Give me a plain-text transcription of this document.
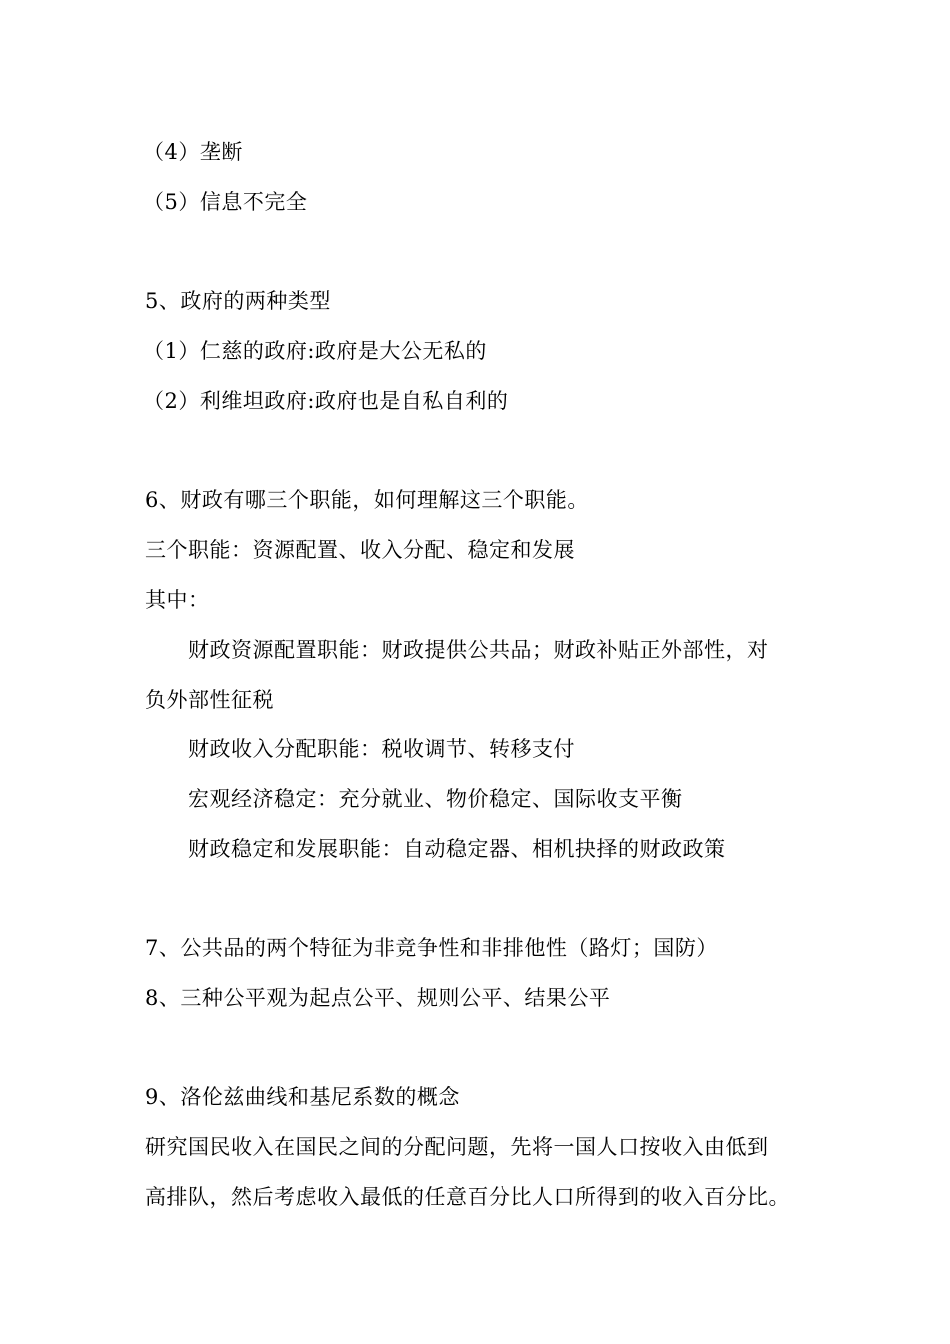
（4）垄断
（5）信息不完全
5、政府的两种类型
（1）仁慈的政府:政府是大公无私的
（2）利维坦政府:政府也是自私自利的
6、财政有哪三个职能，如何理解这三个职能。
三个职能：资源配置、收入分配、稳定和发展
其中：
财政资源配置职能：财政提供公共品；财政补贴正外部性，对
负外部性征税
财政收入分配职能：税收调节、转移支付
宏观经济稳定：充分就业、物价稳定、国际收支平衡
财政稳定和发展职能：自动稳定器、相机抉择的财政政策
7、公共品的两个特征为非竞争性和非排他性（路灯；国防）
8、三种公平观为起点公平、规则公平、结果公平
9、洛伦兹曲线和基尼系数的概念
研究国民收入在国民之间的分配问题，先将一国人口按收入由低到
高排队，然后考虑收入最低的任意百分比人口所得到的收入百分比。
